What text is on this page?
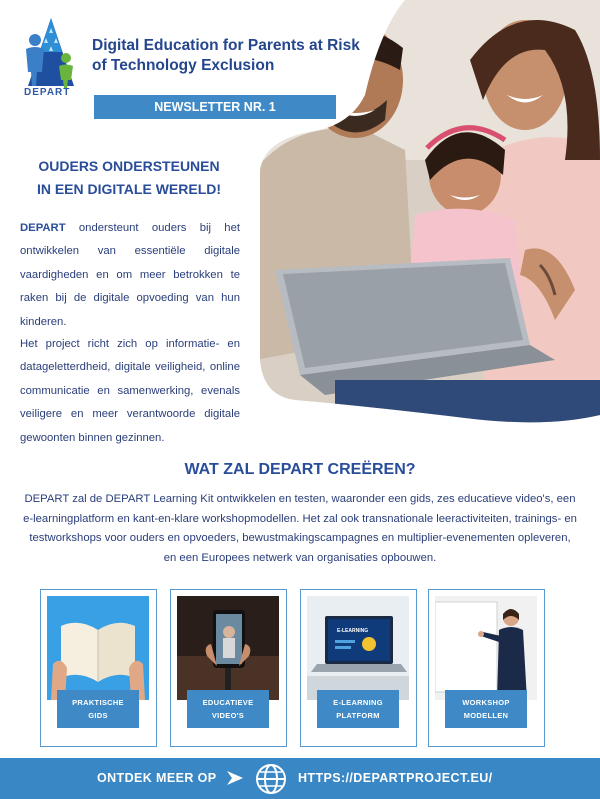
DEPART
Digital Education for Parents at Risk of Technology Exclusion
NEWSLETTER NR. 1
OUDERS ONDERSTEUNEN
IN EEN DIGITALE WERELD!
DEPART ondersteunt ouders bij het ontwikkelen van essentiële digitale vaardigheden en om meer betrokken te raken bij de digitale opvoeding van hun kinderen.
Het project richt zich op informatie- en datageletterdheid, digitale veiligheid, online communicatie en samenwerking, evenals veiligere en meer verantwoorde digitale gewoonten binnen gezinnen.
WAT ZAL DEPART CREËREN?
DEPART zal de DEPART Learning Kit ontwikkelen en testen, waaronder een gids, zes educatieve video's, een e-learningplatform en kant-en-klare workshopmodellen. Het zal ook transnationale leeractiviteiten, trainings- en testworkshops voor ouders en opvoeders, bewustmakingscampagnes en multiplier-evenementen opleveren, en een Europees netwerk van organisaties opbouwen.
PRAKTISCHE
GIDS
EDUCATIEVE
VIDEO'S
E-LEARNING
E-LEARNING
PLATFORM
WORKSHOP
MODELLEN
ONTDEK MEER OP	HTTPS://DEPARTPROJECT.EU/
